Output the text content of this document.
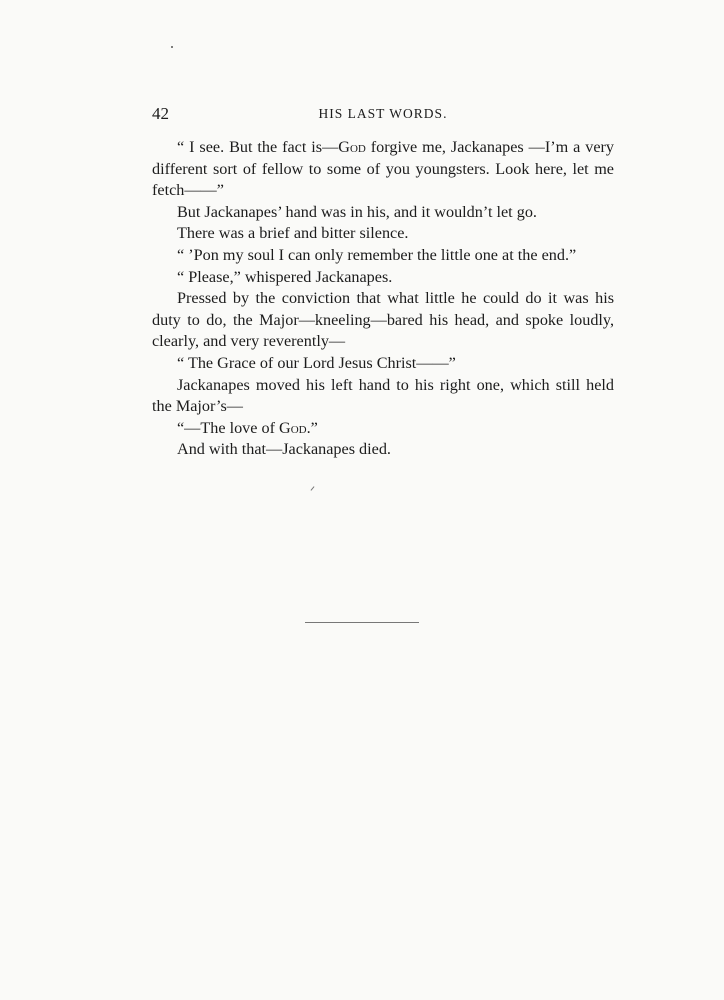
42	HIS LAST WORDS.

“ I see. But the fact is—God forgive me, Jackanapes —I’m a very different sort of fellow to some of you youngsters. Look here, let me fetch——”

But Jackanapes’ hand was in his, and it wouldn’t let go.

There was a brief and bitter silence.

“ ’Pon my soul I can only remember the little one at the end.”

“ Please,” whispered Jackanapes.

Pressed by the conviction that what little he could do it was his duty to do, the Major—kneeling—bared his head, and spoke loudly, clearly, and very reverently—

“ The Grace of our Lord Jesus Christ——”

Jackanapes moved his left hand to his right one, which still held the Major’s—

“—The love of God.”

And with that—Jackanapes died.
